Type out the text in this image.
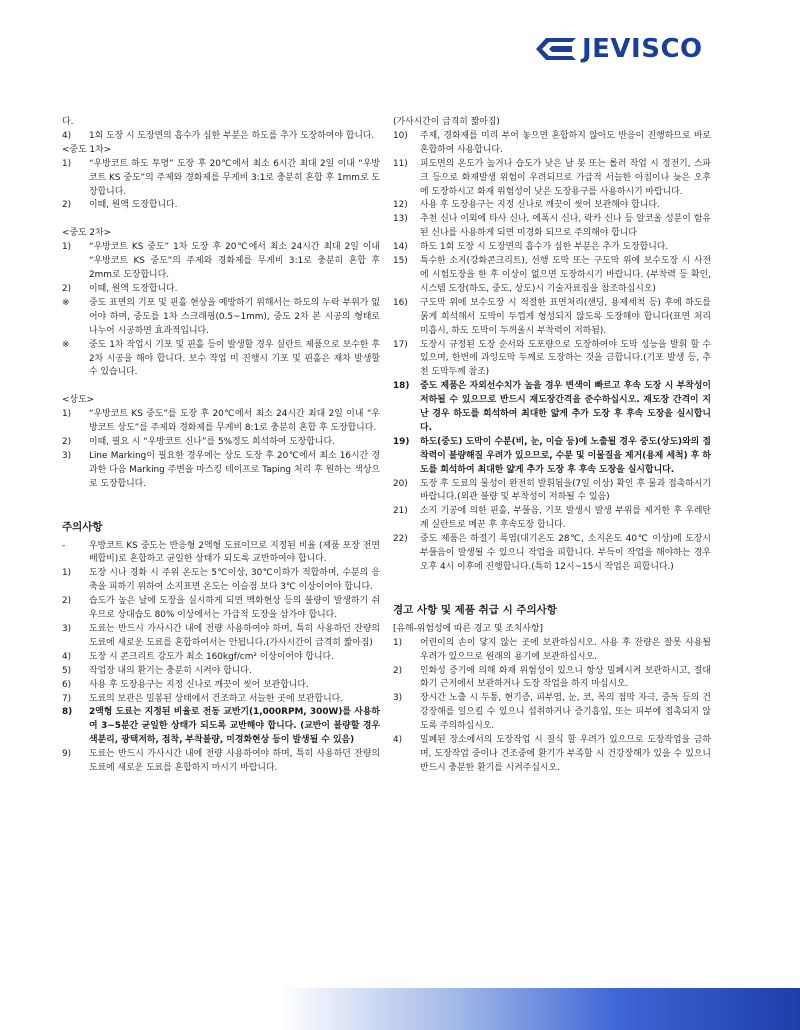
JEVISCO
다.
4) 1회 도장 시 도장면의 흡수가 심한 부분은 하도를 추가 도장하여야 합니다.
<중도 1차>
1) “우방코트 하도 투명” 도장 후 20℃에서 최소 6시간 최대 2일 이내 “우방코트 KS 중도”의 주제와 경화제를 무게비 3:1로 충분히 혼합 후 1mm로 도장합니다.
2) 이때, 원액 도장합니다.
<중도 2차>
1) “우방코트 KS 중도” 1차 도장 후 20℃에서 최소 24시간 최대 2일 이내 “우방코트 KS 중도”의 주제와 경화제를 무게비 3:1로 충분히 혼합 후 2mm로 도장합니다.
2) 이때, 원액 도장합니다.
※ 중도 표면의 기포 및 핀홀 현상을 예방하기 위해서는 하도의 누락 부위가 없어야 하며, 중도를 1차 스크래핑(0.5~1mm), 중도 2차 본 시공의 형태로 나누어 시공하면 효과적입니다.
※ 중도 1차 작업시 기포 및 핀홀 등이 발생할 경우 실란트 제품으로 보수한 후 2차 시공을 해야 합니다. 보수 작업 미 진행시 기포 및 핀홀은 재차 발생할 수 있습니다.
<상도>
1) “우방코트 KS 중도”를 도장 후 20℃에서 최소 24시간 최대 2일 이내 “우방코트 상도”를 주제와 경화제를 무게비 8:1로 충분히 혼합 후 도장합니다.
2) 이때, 필요 시 “우방코트 신나”를 5%정도 희석하여 도장합니다.
3) Line Marking이 필요한 경우에는 상도 도장 후 20℃에서 최소 16시간 경과한 다음 Marking 주변을 마스킹 테이프로 Taping 처리 후 원하는 색상으로 도장합니다.
주의사항
-	우방코트 KS 중도는 반응형 2액형 도료이므로 지정된 비율 (제품 포장 전면 배합비)로 혼합하고 균일한 상태가 되도록 교반하여야 합니다.
1) 도장 시나 경화 시 주위 온도는 5℃이상, 30℃이하가 적합하며, 수분의 응축을 피하기 위하여 소지표면 온도는 이슬점 보다 3℃ 이상이어야 합니다.
2) 습도가 높은 날에 도장을 실시하게 되면 백화현상 등의 불량이 발생하기 쉬우므로 상대습도 80% 이상에서는 가급적 도장을 삼가야 합니다.
3) 도료는 반드시 가사시간 내에 전량 사용하여야 하며, 특히 사용하던 잔량의 도료에 새로운 도료를 혼합하여서는 안됩니다.(가사시간이 급격히 짧아짐)
4) 도장 시 콘크리트 강도가 최소 160kgf/cm² 이상이어야 합니다.
5) 작업장 내의 환기는 충분히 시켜야 합니다.
6) 사용 후 도장용구는 지정 신나로 깨끗이 씻어 보관합니다.
7) 도료의 보관은 밀봉된 상태에서 건조하고 서늘한 곳에 보관합니다.
8) 2액형 도료는 지정된 비율로 전동 교반기(1,000RPM, 300W)를 사용하여 3~5분간 균일한 상태가 되도록 교반해야 합니다. (교반이 불량할 경우 색분리, 광택저하, 점착, 부착불량, 미경화현상 등이 발생될 수 있음)
9) 도료는 반드시 가사시간 내에 전량 사용하여야 하며, 특히 사용하던 잔량의 도료에 새로운 도료를 혼합하지 마시기 바랍니다.
(가사시간이 급격히 짧아짐)
10) 주제, 경화제를 미리 부어 놓으면 혼합하지 않아도 반응이 진행하므로 바로 혼합하여 사용합니다.
11) 피도면의 온도가 높거나 습도가 낮은 날 봇 또는 롤러 작업 시 정전기, 스파크 등으로 화재발생 위험이 우려되므로 가급적 서늘한 아침이나 늦은 오후에 도장하시고 화재 위험성이 낮은 도장용구를 사용하시기 바랍니다.
12) 사용 후 도장용구는 지정 신나로 깨끗이 씻어 보관해야 합니다.
13) 추천 신나 이외에 타사 신나, 에폭시 신나, 락카 신나 등 알코올 성분이 함유된 신나를 사용하게 되면 미경화 되므로 주의해야 합니다
14) 하도 1회 도장 시 도장면의 흡수가 심한 부분은 추가 도장합니다.
15) 특수한 소지(강화콘크리트), 선행 도막 또는 구도막 위에 보수도장 시 사전에 시험도장을 한 후 이상이 없으면 도장하시기 바랍니다. (부착력 등 확인, 시스템 도장(하도, 중도, 상도)시 기술자료집을 참조하십시오)
16) 구도막 위에 보수도장 시 적절한 표면처리(샌딩, 용제세척 등) 후에 하도를 묽게 희석해서 도막이 두껍게 형성되지 않도록 도장해야 합니다(표면 처리 미흡시, 하도 도막이 두꺼울시 부착력이 저하됨).
17) 도장시 규정된 도장 순서와 도포량으로 도장하여야 도막 성능을 발휘 할 수 있으며, 한번에 과잉도막 두께로 도장하는 것을 금합니다.(기포 발생 등, 추천 도막두께 참조)
18) 중도 제품은 자외선수치가 높을 경우 변색이 빠르고 후속 도장 시 부착성이 저하될 수 있으므로 반드시 재도장간격을 준수하십시오. 재도장 간격이 지난 경우 하도를 희석하여 최대한 얇게 추가 도장 후 후속 도장을 실시합니다.
19) 하도(중도) 도막이 수분(비, 눈, 이슬 등)에 노출될 경우 중도(상도)와의 접착력이 불량해질 우려가 있으므로, 수분 및 이물질을 제거(용제 세척) 후 하도를 희석하여 최대한 얇게 추가 도장 후 후속 도장을 실시합니다.
20) 도장 후 도료의 물성이 완전히 발휘됨을(7일 이상) 확인 후 물과 접촉하시기 바랍니다.(외관 불량 및 부착성이 저하될 수 있음)
21) 소지 기공에 의한 핀홀, 부풀음, 기포 발생시 발생 부위를 제거한 후 우레탄계 실란트로 메꾼 후 후속도장 합니다.
22) 중도 제품은 하절기 폭염(대기온도 28℃, 소지온도 40℃ 이상)에 도장시 부풀음이 발생될 수 있으니 작업을 피합니다. 부득이 작업을 해야하는 경우 오후 4시 이후에 진행합니다.(특히 12시~15시 작업은 피합니다.)
경고 사항 및 제품 취급 시 주의사항
[유해-위험성에 따른 경고 및 조치사항]
1) 어린이의 손이 닿지 않는 곳에 보관하십시오. 사용 후 잔량은 잘못 사용될 우려가 있으므로 원래의 용기에 보관하십시오.
2) 인화성 증기에 의해 화재 위험성이 있으니 항상 밀폐시켜 보관하시고, 절대 화기 근저에서 보관하거나 도장 작업을 하지 마십시오.
3) 장시간 노출 시 두통, 현기증, 피부염, 눈, 코, 목의 점막 자극, 중독 등의 건강장해를 일으킬 수 있으니 섭취하거나 증기흡입, 또는 피부에 접촉되지 않도록 주의하십시오.
4) 밀폐된 장소에서의 도장작업 시 질식 할 우려가 있으므로 도장작업을 금하며, 도장작업 중이나 건조중에 환기가 부족할 시 건강장해가 있을 수 있으니 반드시 충분한 환기를 시켜주십시오.
